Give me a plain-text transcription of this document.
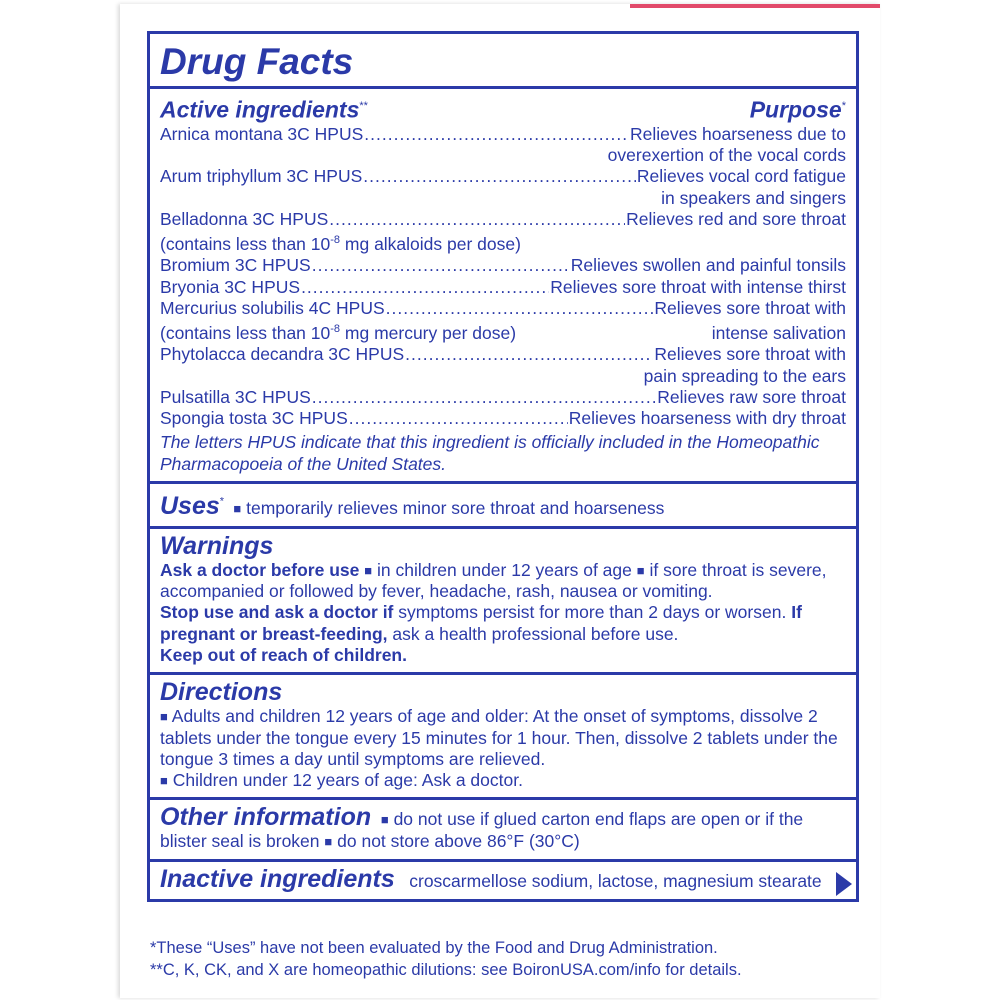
Drug Facts
Active ingredients**	Purpose*
Arnica montana 3C HPUS .....	Relieves hoarseness due to
overexertion of the vocal cords
Arum triphyllum 3C HPUS .....	Relieves vocal cord fatigue
in speakers and singers
Belladonna 3C HPUS .....	Relieves red and sore throat
(contains less than $10^{-8}$ mg alkaloids per dose)
Bromium 3C HPUS .....	Relieves swollen and painful tonsils
Bryonia 3C HPUS .....	Relieves sore throat with intense thirst
Mercurius solubilis 4C HPUS .....	Relieves sore throat with
(contains less than $10^{-8}$ mg mercury per dose)	intense salivation
Phytolacca decandra 3C HPUS .....	Relieves sore throat with
pain spreading to the ears
Pulsatilla 3C HPUS .....	Relieves raw sore throat
Spongia tosta 3C HPUS .....	Relieves hoarseness with dry throat
The letters HPUS indicate that this ingredient is officially included in the Homeopathic Pharmacopoeia of the United States.
Uses* ■ temporarily relieves minor sore throat and hoarseness
Warnings
Ask a doctor before use ■ in children under 12 years of age ■ if sore throat is severe, accompanied or followed by fever, headache, rash, nausea or vomiting.
Stop use and ask a doctor if symptoms persist for more than 2 days or worsen. If pregnant or breast-feeding, ask a health professional before use.
Keep out of reach of children.
Directions
■ Adults and children 12 years of age and older: At the onset of symptoms, dissolve 2 tablets under the tongue every 15 minutes for 1 hour. Then, dissolve 2 tablets under the tongue 3 times a day until symptoms are relieved.
■ Children under 12 years of age: Ask a doctor.
Other information ■ do not use if glued carton end flaps are open or if the blister seal is broken ■ do not store above 86°F (30°C)
Inactive ingredients croscarmellose sodium, lactose, magnesium stearate
*These “Uses” have not been evaluated by the Food and Drug Administration.
**C, K, CK, and X are homeopathic dilutions: see BoironUSA.com/info for details.
